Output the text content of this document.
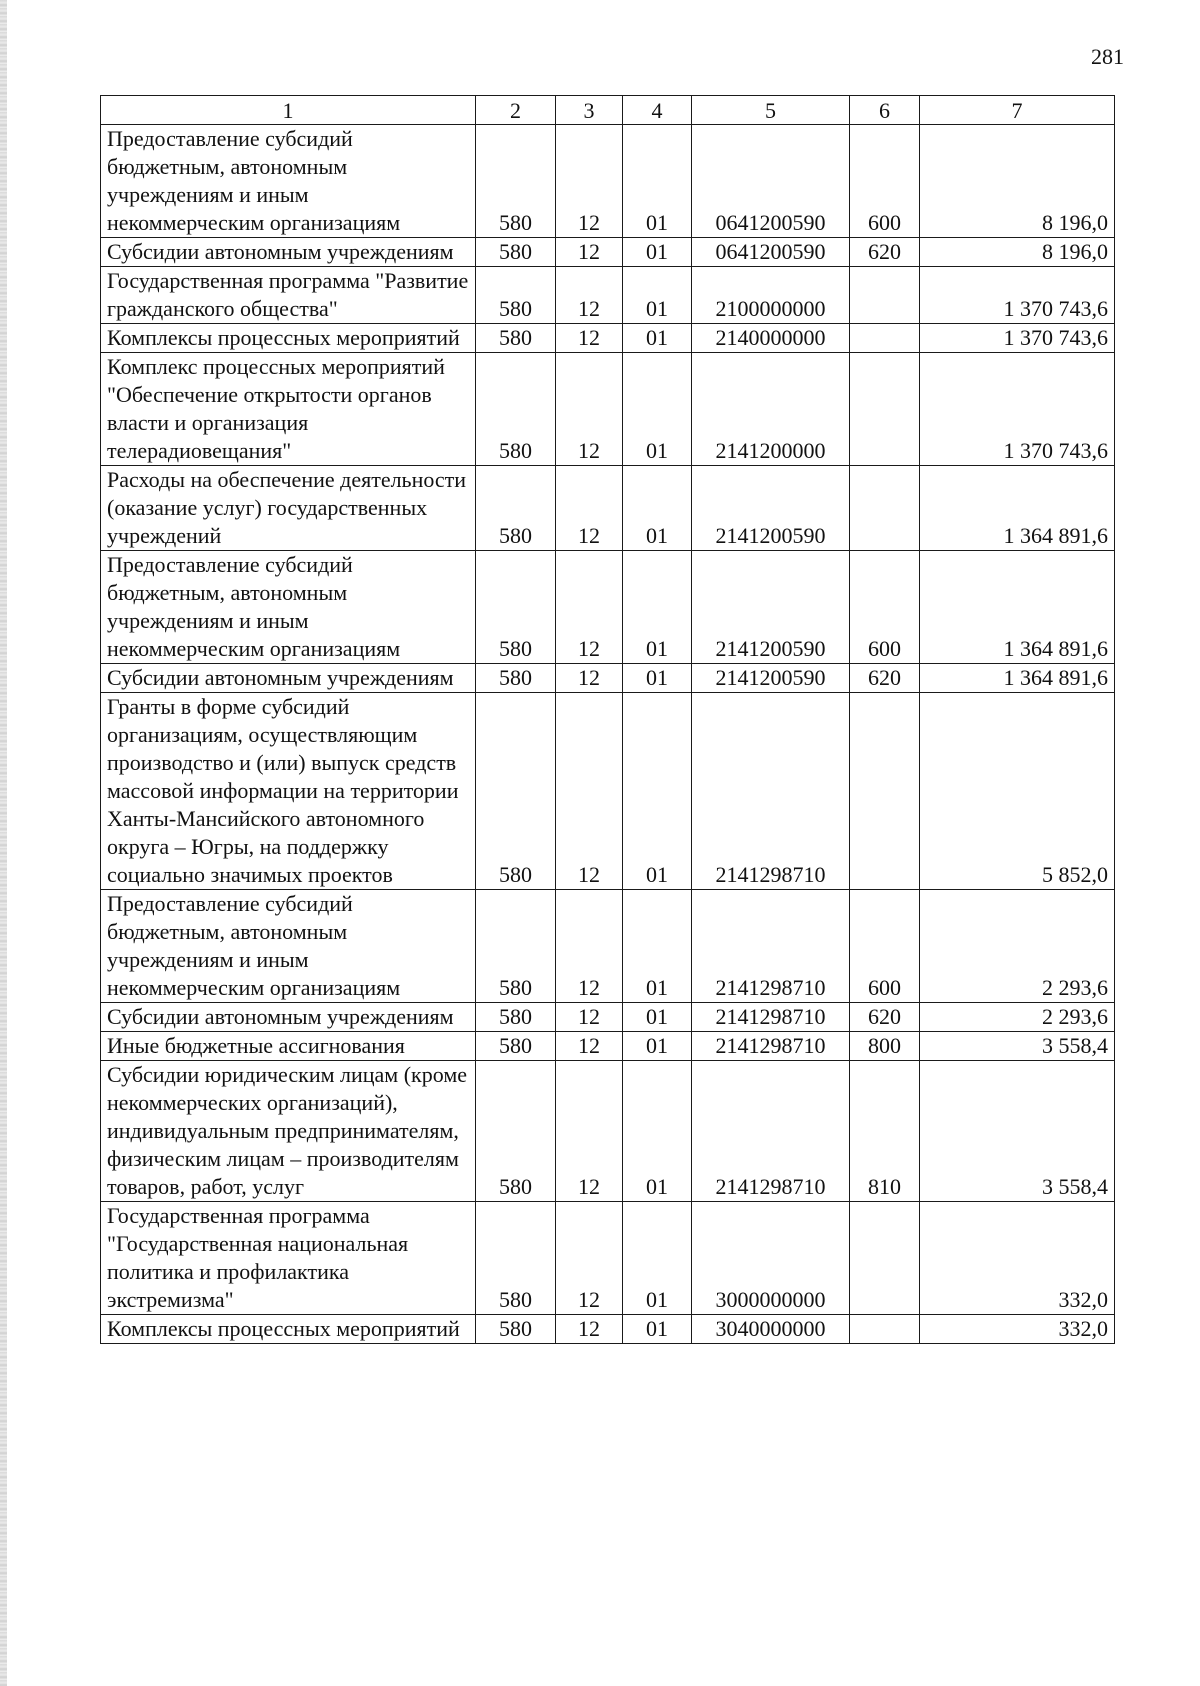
281
1	2	3	4	5	6	7
Предоставление субсидий бюджетным, автономным учреждениям и иным некоммерческим организациям	580	12	01	0641200590	600	8 196,0
Субсидии автономным учреждениям	580	12	01	0641200590	620	8 196,0
Государственная программа "Развитие гражданского общества"	580	12	01	2100000000		1 370 743,6
Комплексы процессных мероприятий	580	12	01	2140000000		1 370 743,6
Комплекс процессных мероприятий "Обеспечение открытости органов власти и организация телерадиовещания"	580	12	01	2141200000		1 370 743,6
Расходы на обеспечение деятельности (оказание услуг) государственных учреждений	580	12	01	2141200590		1 364 891,6
Предоставление субсидий бюджетным, автономным учреждениям и иным некоммерческим организациям	580	12	01	2141200590	600	1 364 891,6
Субсидии автономным учреждениям	580	12	01	2141200590	620	1 364 891,6
Гранты в форме субсидий организациям, осуществляющим производство и (или) выпуск средств массовой информации на территории Ханты-Мансийского автономного округа – Югры, на поддержку социально значимых проектов	580	12	01	2141298710		5 852,0
Предоставление субсидий бюджетным, автономным учреждениям и иным некоммерческим организациям	580	12	01	2141298710	600	2 293,6
Субсидии автономным учреждениям	580	12	01	2141298710	620	2 293,6
Иные бюджетные ассигнования	580	12	01	2141298710	800	3 558,4
Субсидии юридическим лицам (кроме некоммерческих организаций), индивидуальным предпринимателям, физическим лицам – производителям товаров, работ, услуг	580	12	01	2141298710	810	3 558,4
Государственная программа "Государственная национальная политика и профилактика экстремизма"	580	12	01	3000000000		332,0
Комплексы процессных мероприятий	580	12	01	3040000000		332,0
